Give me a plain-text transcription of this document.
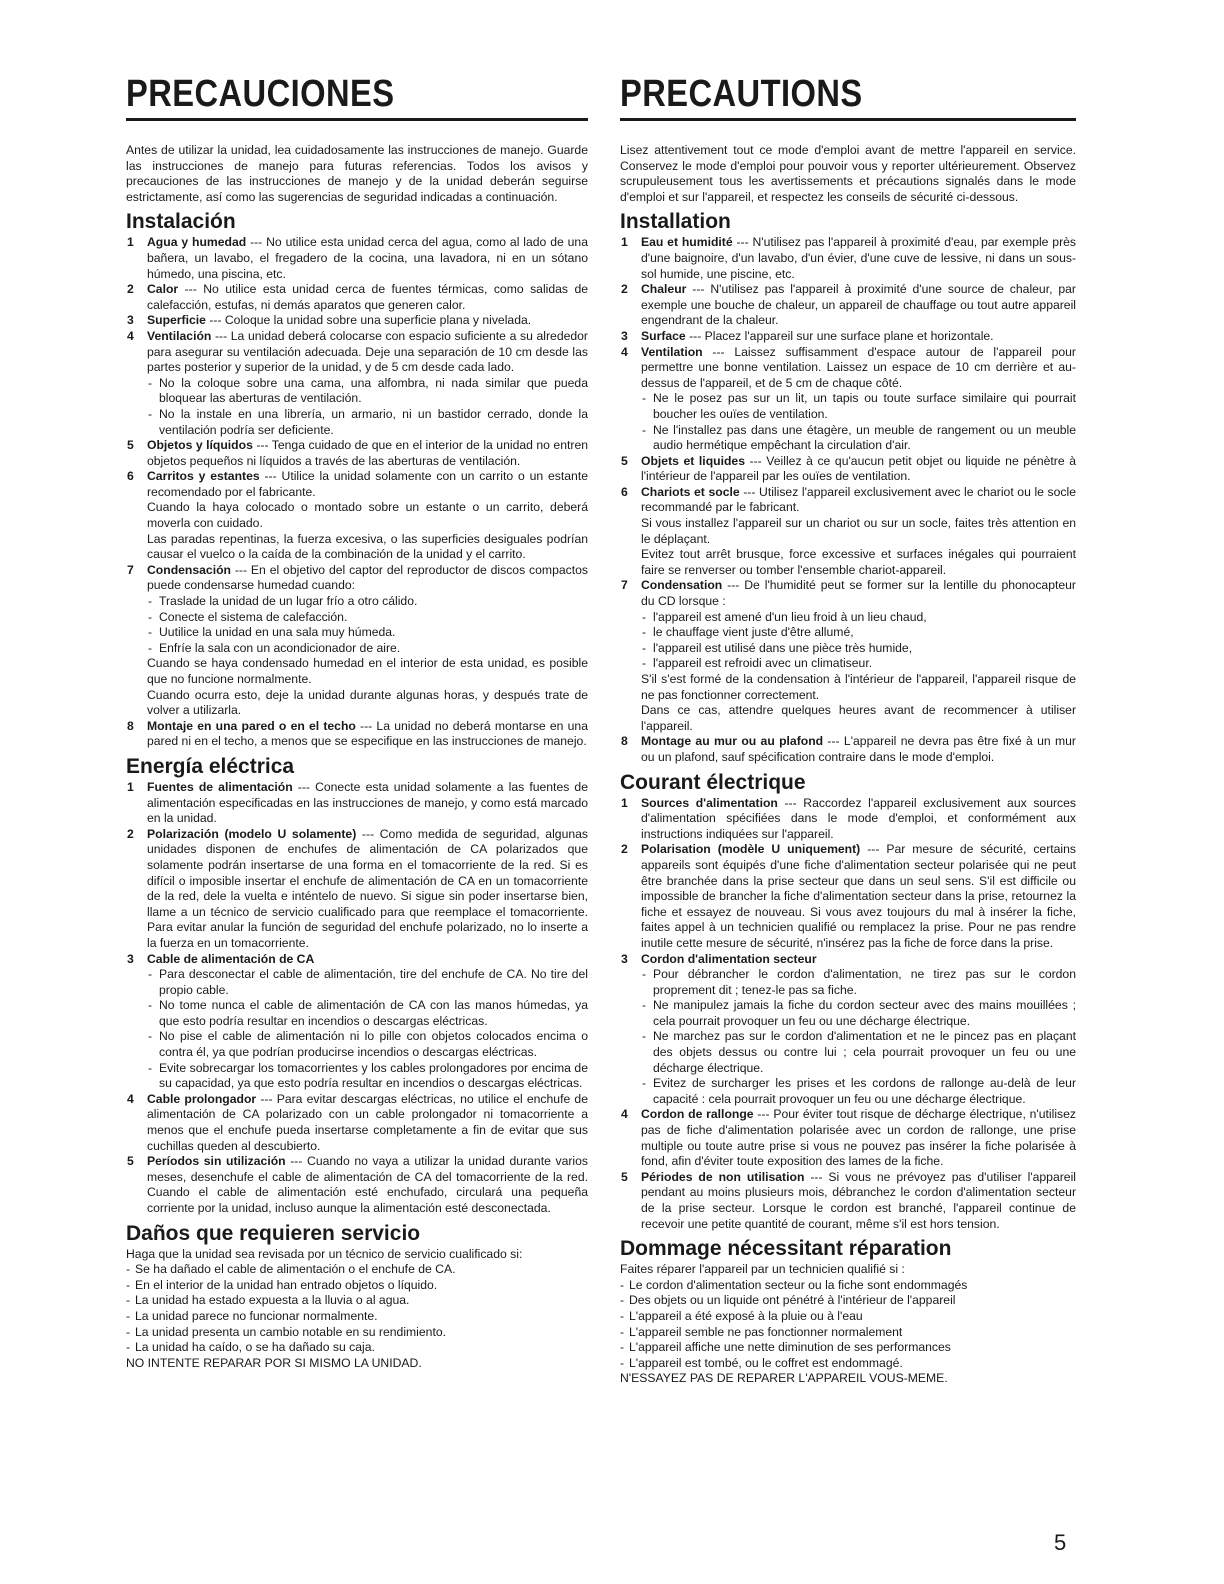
PRECAUCIONES

Antes de utilizar la unidad, lea cuidadosamente las instrucciones de manejo. Guarde las instrucciones de manejo para futuras referencias. Todos los avisos y precauciones de las instrucciones de manejo y de la unidad deberán seguirse estrictamente, así como las sugerencias de seguridad indicadas a continuación.

Instalación
1 Agua y humedad --- No utilice esta unidad cerca del agua, como al lado de una bañera, un lavabo, el fregadero de la cocina, una lavadora, ni en un sótano húmedo, una piscina, etc.
2 Calor --- No utilice esta unidad cerca de fuentes térmicas, como salidas de calefacción, estufas, ni demás aparatos que generen calor.
3 Superficie --- Coloque la unidad sobre una superficie plana y nivelada.
4 Ventilación --- La unidad deberá colocarse con espacio suficiente a su alrededor para asegurar su ventilación adecuada. Deje una separación de 10 cm desde las partes posterior y superior de la unidad, y de 5 cm desde cada lado.
- No la coloque sobre una cama, una alfombra, ni nada similar que pueda bloquear las aberturas de ventilación.
- No la instale en una librería, un armario, ni un bastidor cerrado, donde la ventilación podría ser deficiente.
5 Objetos y líquidos --- Tenga cuidado de que en el interior de la unidad no entren objetos pequeños ni líquidos a través de las aberturas de ventilación.
6 Carritos y estantes --- Utilice la unidad solamente con un carrito o un estante recomendado por el fabricante.
Cuando la haya colocado o montado sobre un estante o un carrito, deberá moverla con cuidado.
Las paradas repentinas, la fuerza excesiva, o las superficies desiguales podrían causar el vuelco o la caída de la combinación de la unidad y el carrito.
7 Condensación --- En el objetivo del captor del reproductor de discos compactos puede condensarse humedad cuando:
- Traslade la unidad de un lugar frío a otro cálido.
- Conecte el sistema de calefacción.
- Uutilice la unidad en una sala muy húmeda.
- Enfríe la sala con un acondicionador de aire.
Cuando se haya condensado humedad en el interior de esta unidad, es posible que no funcione normalmente.
Cuando ocurra esto, deje la unidad durante algunas horas, y después trate de volver a utilizarla.
8 Montaje en una pared o en el techo --- La unidad no deberá montarse en una pared ni en el techo, a menos que se especifique en las instrucciones de manejo.
Energía eléctrica
1 Fuentes de alimentación --- Conecte esta unidad solamente a las fuentes de alimentación especificadas en las instrucciones de manejo, y como está marcado en la unidad.
2 Polarización (modelo U solamente) --- Como medida de seguridad, algunas unidades disponen de enchufes de alimentación de CA polarizados que solamente podrán insertarse de una forma en el tomacorriente de la red. Si es difícil o imposible insertar el enchufe de alimentación de CA en un tomacorriente de la red, dele la vuelta e inténtelo de nuevo. Si sigue sin poder insertarse bien, llame a un técnico de servicio cualificado para que reemplace el tomacorriente. Para evitar anular la función de seguridad del enchufe polarizado, no lo inserte a la fuerza en un tomacorriente.
3 Cable de alimentación de CA
- Para desconectar el cable de alimentación, tire del enchufe de CA. No tire del propio cable.
- No tome nunca el cable de alimentación de CA con las manos húmedas, ya que esto podría resultar en incendios o descargas eléctricas.
- No pise el cable de alimentación ni lo pille con objetos colocados encima o contra él, ya que podrían producirse incendios o descargas eléctricas.
- Evite sobrecargar los tomacorrientes y los cables prolongadores por encima de su capacidad, ya que esto podría resultar en incendios o descargas eléctricas.
4 Cable prolongador --- Para evitar descargas eléctricas, no utilice el enchufe de alimentación de CA polarizado con un cable prolongador ni tomacorriente a menos que el enchufe pueda insertarse completamente a fin de evitar que sus cuchillas queden al descubierto.
5 Períodos sin utilización --- Cuando no vaya a utilizar la unidad durante varios meses, desenchufe el cable de alimentación de CA del tomacorriente de la red. Cuando el cable de alimentación esté enchufado, circulará una pequeña corriente por la unidad, incluso aunque la alimentación esté desconectada.
Daños que requieren servicio

Haga que la unidad sea revisada por un técnico de servicio cualificado si:

- Se ha dañado el cable de alimentación o el enchufe de CA.
- En el interior de la unidad han entrado objetos o líquido.
- La unidad ha estado expuesta a la lluvia o al agua.
- La unidad parece no funcionar normalmente.
- La unidad presenta un cambio notable en su rendimiento.
- La unidad ha caído, o se ha dañado su caja.

NO INTENTE REPARAR POR SI MISMO LA UNIDAD.

PRECAUTIONS

Lisez attentivement tout ce mode d'emploi avant de mettre l'appareil en service. Conservez le mode d'emploi pour pouvoir vous y reporter ultérieurement. Observez scrupuleusement tous les avertissements et précautions signalés dans le mode d'emploi et sur l'appareil, et respectez les conseils de sécurité ci-dessous.

Installation
1 Eau et humidité --- N'utilisez pas l'appareil à proximité d'eau, par exemple près d'une baignoire, d'un lavabo, d'un évier, d'une cuve de lessive, ni dans un sous-sol humide, une piscine, etc.
2 Chaleur --- N'utilisez pas l'appareil à proximité d'une source de chaleur, par exemple une bouche de chaleur, un appareil de chauffage ou tout autre appareil engendrant de la chaleur.
3 Surface --- Placez l'appareil sur une surface plane et horizontale.
4 Ventilation --- Laissez suffisamment d'espace autour de l'appareil pour permettre une bonne ventilation. Laissez un espace de 10 cm derrière et au-dessus de l'appareil, et de 5 cm de chaque côté.
- Ne le posez pas sur un lit, un tapis ou toute surface similaire qui pourrait boucher les ouïes de ventilation.
- Ne l'installez pas dans une étagère, un meuble de rangement ou un meuble audio hermétique empêchant la circulation d'air.
5 Objets et liquides --- Veillez à ce qu'aucun petit objet ou liquide ne pénètre à l'intérieur de l'appareil par les ouïes de ventilation.
6 Chariots et socle --- Utilisez l'appareil exclusivement avec le chariot ou le socle recommandé par le fabricant.
Si vous installez l'appareil sur un chariot ou sur un socle, faites très attention en le déplaçant.
Evitez tout arrêt brusque, force excessive et surfaces inégales qui pourraient faire se renverser ou tomber l'ensemble chariot-appareil.
7 Condensation --- De l'humidité peut se former sur la lentille du phonocapteur du CD lorsque :
- l'appareil est amené d'un lieu froid à un lieu chaud,
- le chauffage vient juste d'être allumé,
- l'appareil est utilisé dans une pièce très humide,
- l'appareil est refroidi avec un climatiseur.
S'il s'est formé de la condensation à l'intérieur de l'appareil, l'appareil risque de ne pas fonctionner correctement.
Dans ce cas, attendre quelques heures avant de recommencer à utiliser l'appareil.
8 Montage au mur ou au plafond --- L'appareil ne devra pas être fixé à un mur ou un plafond, sauf spécification contraire dans le mode d'emploi.
Courant électrique
1 Sources d'alimentation --- Raccordez l'appareil exclusivement aux sources d'alimentation spécifiées dans le mode d'emploi, et conformément aux instructions indiquées sur l'appareil.
2 Polarisation (modèle U uniquement) --- Par mesure de sécurité, certains appareils sont équipés d'une fiche d'alimentation secteur polarisée qui ne peut être branchée dans la prise secteur que dans un seul sens. S'il est difficile ou impossible de brancher la fiche d'alimentation secteur dans la prise, retournez la fiche et essayez de nouveau. Si vous avez toujours du mal à insérer la fiche, faites appel à un technicien qualifié ou remplacez la prise. Pour ne pas rendre inutile cette mesure de sécurité, n'insérez pas la fiche de force dans la prise.
3 Cordon d'alimentation secteur
- Pour débrancher le cordon d'alimentation, ne tirez pas sur le cordon proprement dit ; tenez-le pas sa fiche.
- Ne manipulez jamais la fiche du cordon secteur avec des mains mouillées ; cela pourrait provoquer un feu ou une décharge électrique.
- Ne marchez pas sur le cordon d'alimentation et ne le pincez pas en plaçant des objets dessus ou contre lui ; cela pourrait provoquer un feu ou une décharge électrique.
- Evitez de surcharger les prises et les cordons de rallonge au-delà de leur capacité : cela pourrait provoquer un feu ou une décharge électrique.
4 Cordon de rallonge --- Pour éviter tout risque de décharge électrique, n'utilisez pas de fiche d'alimentation polarisée avec un cordon de rallonge, une prise multiple ou toute autre prise si vous ne pouvez pas insérer la fiche polarisée à fond, afin d'éviter toute exposition des lames de la fiche.
5 Périodes de non utilisation --- Si vous ne prévoyez pas d'utiliser l'appareil pendant au moins plusieurs mois, débranchez le cordon d'alimentation secteur de la prise secteur. Lorsque le cordon est branché, l'appareil continue de recevoir une petite quantité de courant, même s'il est hors tension.
Dommage nécessitant réparation

Faites réparer l'appareil par un technicien qualifié si :

- Le cordon d'alimentation secteur ou la fiche sont endommagés
- Des objets ou un liquide ont pénétré à l'intérieur de l'appareil
- L'appareil a été exposé à la pluie ou à l'eau
- L'appareil semble ne pas fonctionner normalement
- L'appareil affiche une nette diminution de ses performances
- L'appareil est tombé, ou le coffret est endommagé.

N'ESSAYEZ PAS DE REPARER L'APPAREIL VOUS-MEME.

5
